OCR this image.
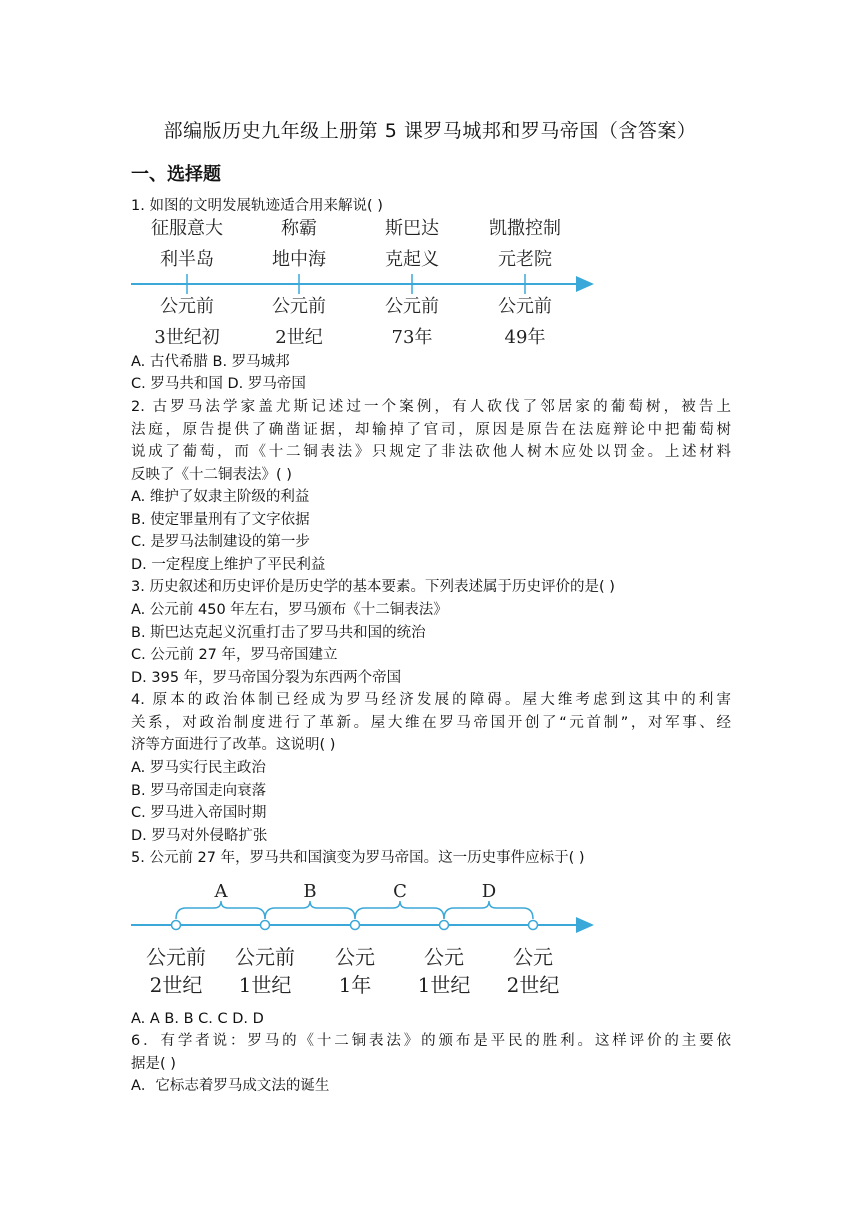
部编版历史九年级上册第 5 课罗马城邦和罗马帝国（含答案）
一、选择题
1. 如图的文明发展轨迹适合用来解说( )
征服意大
利半岛
公元前
3世纪初
称霸
地中海
公元前
2世纪
斯巴达
克起义
公元前
73年
凯撒控制
元老院
公元前
49年
A. 古代希腊 B. 罗马城邦
C. 罗马共和国 D. 罗马帝国
2. 古罗马法学家盖尤斯记述过一个案例，有人砍伐了邻居家的葡萄树，被告上
法庭，原告提供了确凿证据，却输掉了官司，原因是原告在法庭辩论中把葡萄树
说成了葡萄，而《十二铜表法》只规定了非法砍他人树木应处以罚金。上述材料
反映了《十二铜表法》( )
A. 维护了奴隶主阶级的利益
B. 使定罪量刑有了文字依据
C. 是罗马法制建设的第一步
D. 一定程度上维护了平民利益
3. 历史叙述和历史评价是历史学的基本要素。下列表述属于历史评价的是( )
A. 公元前 450 年左右，罗马颁布《十二铜表法》
B. 斯巴达克起义沉重打击了罗马共和国的统治
C. 公元前 27 年，罗马帝国建立
D. 395 年，罗马帝国分裂为东西两个帝国
4. 原本的政治体制已经成为罗马经济发展的障碍。屋大维考虑到这其中的利害
关系，对政治制度进行了革新。屋大维在罗马帝国开创了“元首制”，对军事、经
济等方面进行了改革。这说明( )
A. 罗马实行民主政治
B. 罗马帝国走向衰落
C. 罗马进入帝国时期
D. 罗马对外侵略扩张
5. 公元前 27 年，罗马共和国演变为罗马帝国。这一历史事件应标于( )
A	B	C	D
公元前
2世纪
公元前
1世纪
公元
1年
公元
1世纪
公元
2世纪
A. A B. B C. C D. D
6．有学者说：罗马的《十二铜表法》的颁布是平民的胜利。这样评价的主要依
据是( )
A．它标志着罗马成文法的诞生
